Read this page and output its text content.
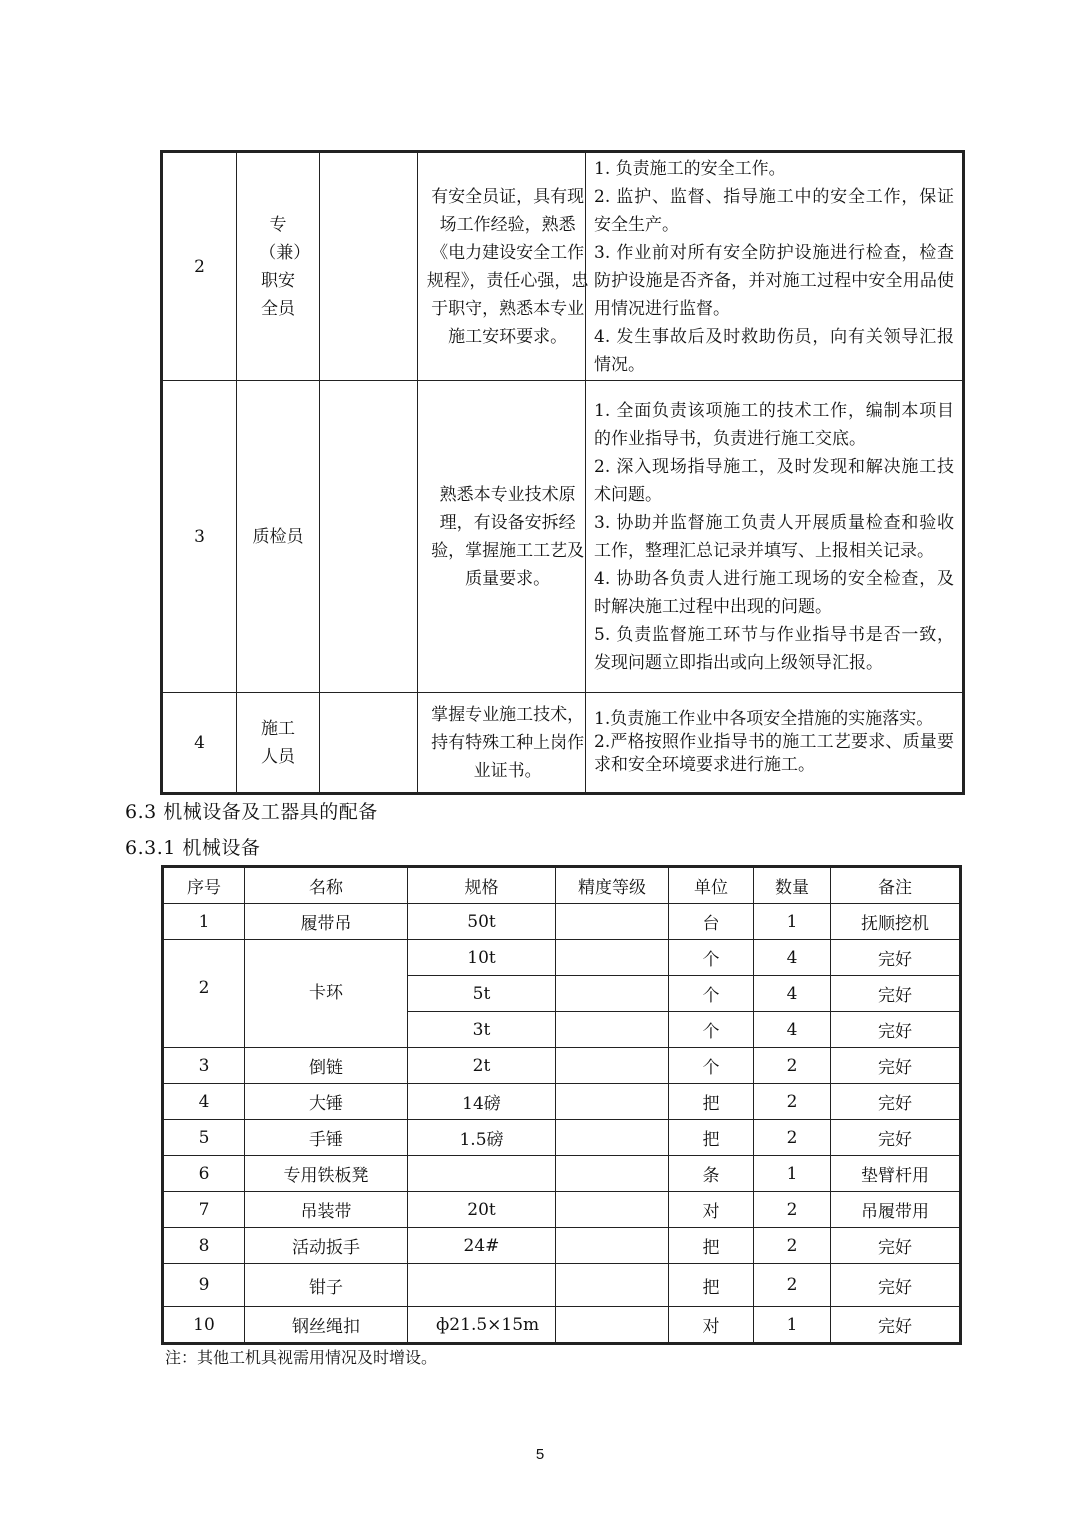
2	专（兼）职安全员		有安全员证，具有现场工作经验，熟悉《电力建设安全工作规程》，责任心强，忠于职守，熟悉本专业施工安环要求。	1. 负责施工的安全工作。
2. 监护、监督、指导施工中的安全工作，保证安全生产。
3. 作业前对所有安全防护设施进行检查，检查防护设施是否齐备，并对施工过程中安全用品使用情况进行监督。
4. 发生事故后及时救助伤员，向有关领导汇报情况。

3	质检员		熟悉本专业技术原理，有设备安拆经验，掌握施工工艺及质量要求。	1. 全面负责该项施工的技术工作，编制本项目的作业指导书，负责进行施工交底。
2. 深入现场指导施工，及时发现和解决施工技术问题。
3. 协助并监督施工负责人开展质量检查和验收工作，整理汇总记录并填写、上报相关记录。
4. 协助各负责人进行施工现场的安全检查，及时解决施工过程中出现的问题。
5. 负责监督施工环节与作业指导书是否一致，发现问题立即指出或向上级领导汇报。

4	施工人员		掌握专业施工技术，持有特殊工种上岗作业证书。	1.负责施工作业中各项安全措施的实施落实。
2.严格按照作业指导书的施工工艺要求、质量要求和安全环境要求进行施工。
6.3 机械设备及工器具的配备
6.3.1 机械设备
序号	名称	规格	精度等级	单位	数量	备注
1	履带吊	50t		台	1	抚顺挖机
2	卡环	10t		个	4	完好
		5t		个	4	完好
		3t		个	4	完好
3	倒链	2t		个	2	完好
4	大锤	14磅		把	2	完好
5	手锤	1.5磅		把	2	完好
6	专用铁板凳			条	1	垫臂杆用
7	吊装带	20t		对	2	吊履带用
8	活动扳手	24#		把	2	完好
9	钳子			把	2	完好
10	钢丝绳扣	ф21.5×15m		对	1	完好
注：其他工机具视需用情况及时增设。
5
